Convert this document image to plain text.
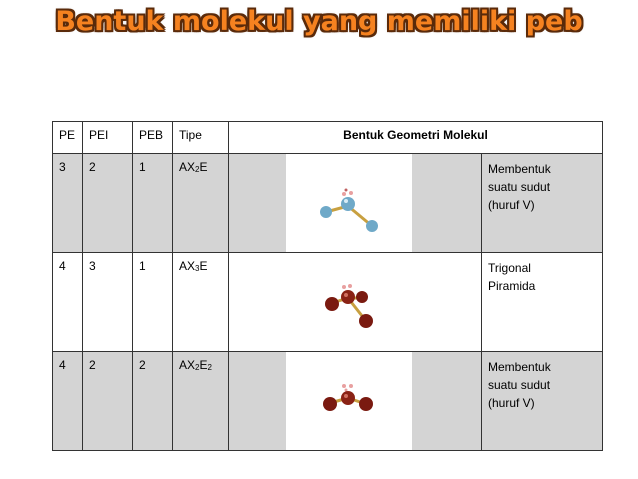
Bentuk molekul yang memiliki peb
PE	PEI	PEB	Tipe	Bentuk Geometri Molekul			
3	2	1	AX2E				Membentuk
suatu sudut
(huruf V)

4	3	1	AX3E				Trigonal
Piramida

4	2	2	AX2E2				Membentuk
suatu sudut
(huruf V)
